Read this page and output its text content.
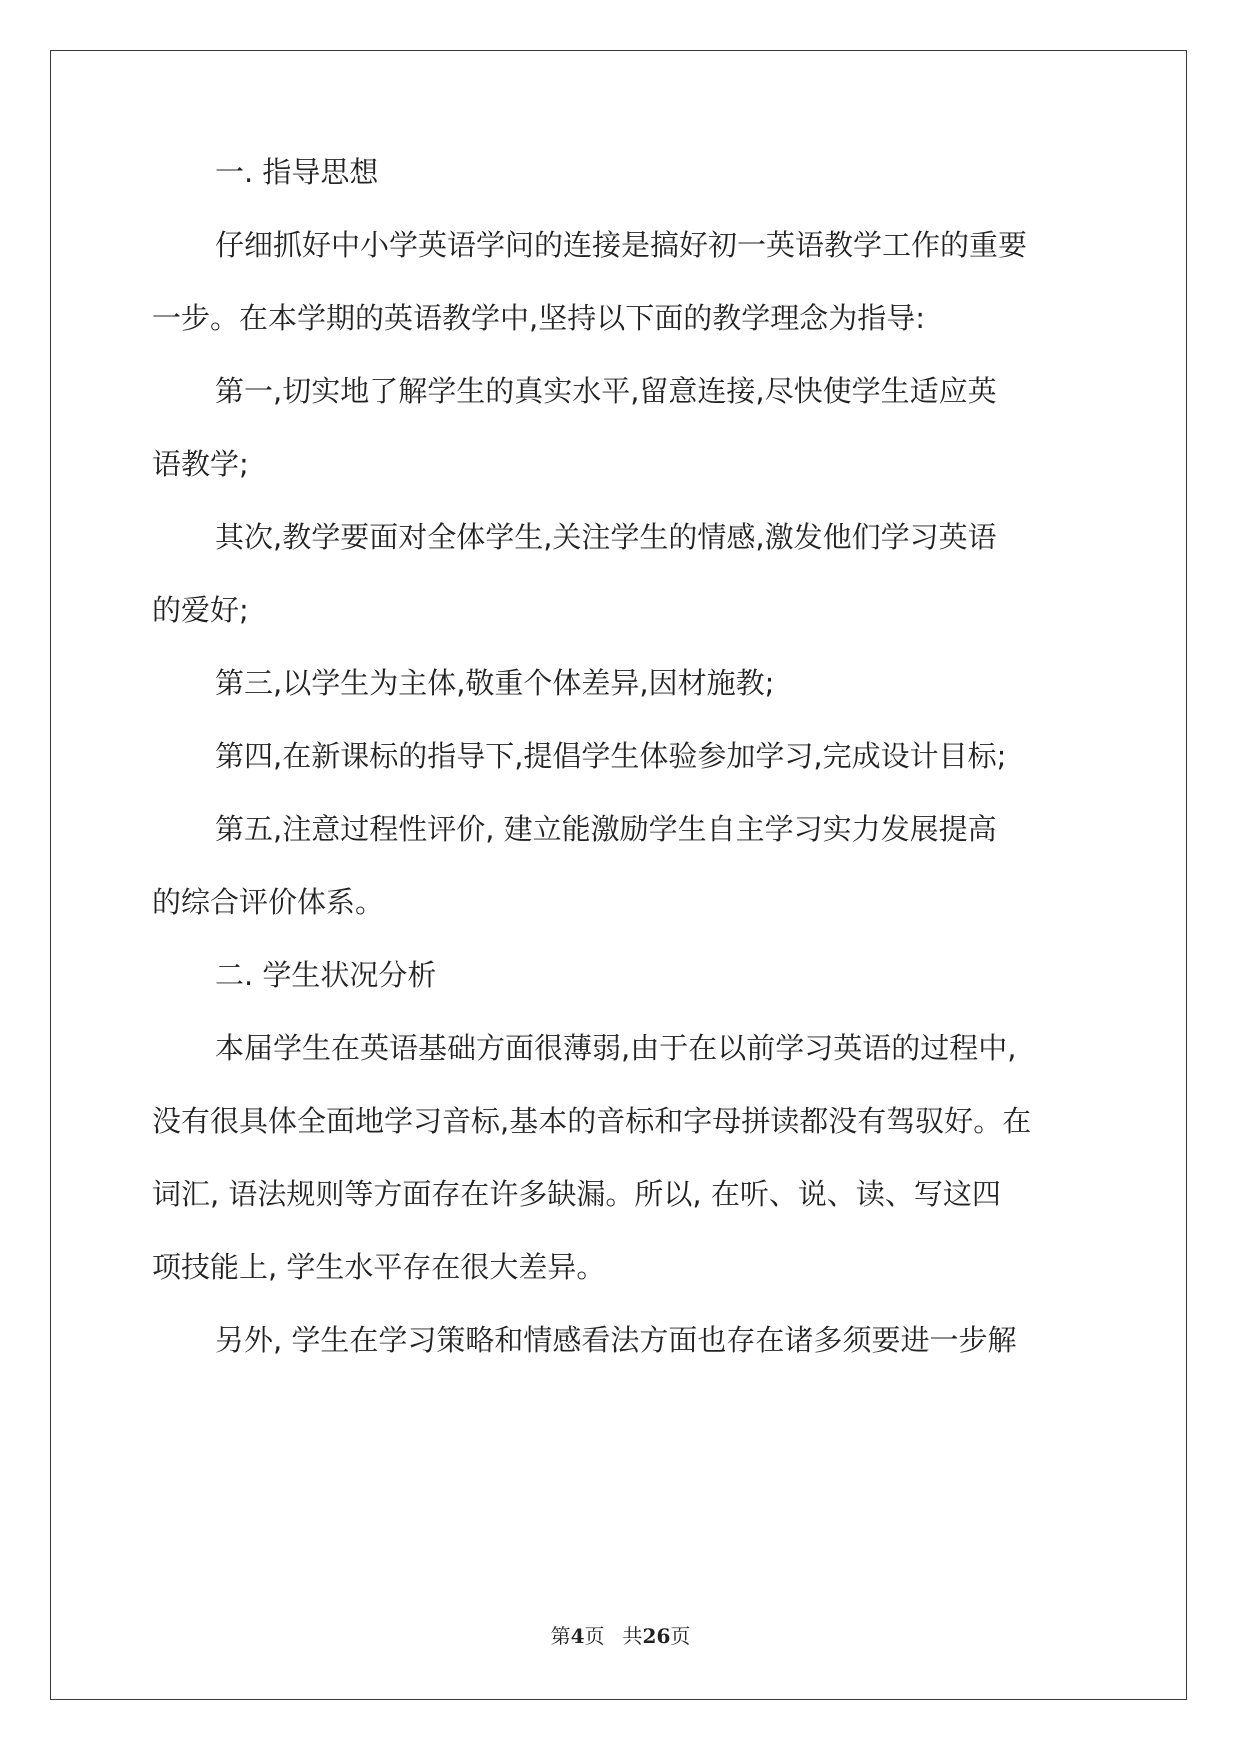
一. 指导思想

仔细抓好中小学英语学问的连接是搞好初一英语教学工作的重要

一步。在本学期的英语教学中,坚持以下面的教学理念为指导:

第一,切实地了解学生的真实水平,留意连接,尽快使学生适应英

语教学;

其次,教学要面对全体学生,关注学生的情感,激发他们学习英语

的爱好;

第三,以学生为主体,敬重个体差异,因材施教;

第四,在新课标的指导下,提倡学生体验参加学习,完成设计目标;

第五,注意过程性评价, 建立能激励学生自主学习实力发展提高

的综合评价体系。

二. 学生状况分析

本届学生在英语基础方面很薄弱,由于在以前学习英语的过程中,

没有很具体全面地学习音标,基本的音标和字母拼读都没有驾驭好。在

词汇, 语法规则等方面存在许多缺漏。所以, 在听、说、读、写这四

项技能上, 学生水平存在很大差异。

另外, 学生在学习策略和情感看法方面也存在诸多须要进一步解

第4页 共26页
